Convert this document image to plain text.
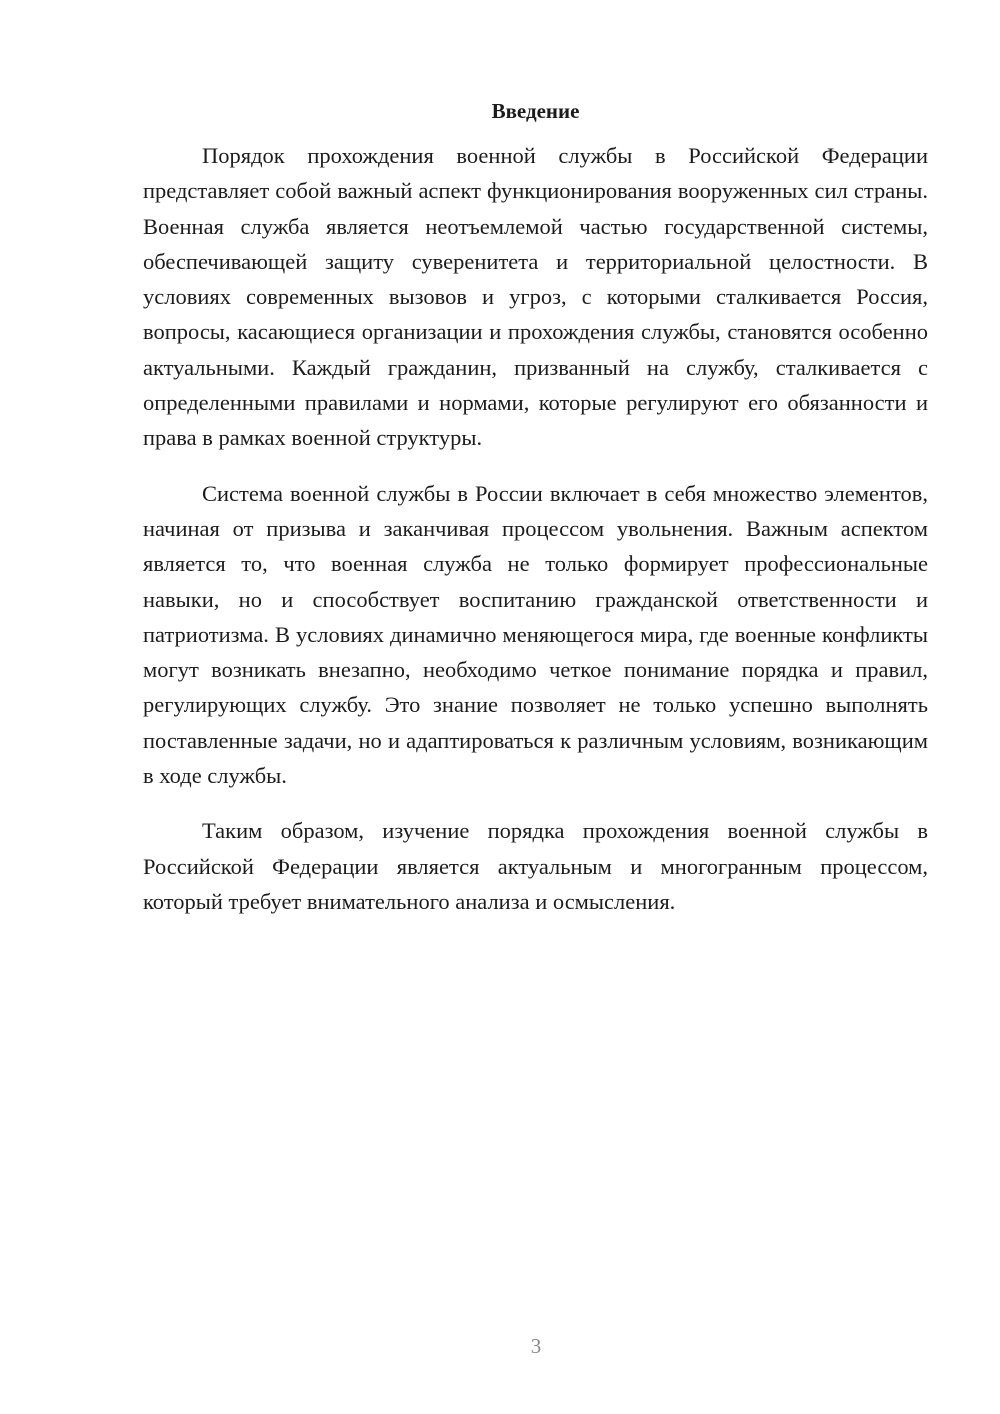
Введение

Порядок прохождения военной службы в Российской Федерации представляет собой важный аспект функционирования вооруженных сил страны. Военная служба является неотъемлемой частью государственной системы, обеспечивающей защиту суверенитета и территориальной целостности. В условиях современных вызовов и угроз, с которыми сталкивается Россия, вопросы, касающиеся организации и прохождения службы, становятся особенно актуальными. Каждый гражданин, призванный на службу, сталкивается с определенными правилами и нормами, которые регулируют его обязанности и права в рамках военной структуры.

Система военной службы в России включает в себя множество элементов, начиная от призыва и заканчивая процессом увольнения. Важным аспектом является то, что военная служба не только формирует профессиональные навыки, но и способствует воспитанию гражданской ответственности и патриотизма. В условиях динамично меняющегося мира, где военные конфликты могут возникать внезапно, необходимо четкое понимание порядка и правил, регулирующих службу. Это знание позволяет не только успешно выполнять поставленные задачи, но и адаптироваться к различным условиям, возникающим в ходе службы.

Таким образом, изучение порядка прохождения военной службы в Российской Федерации является актуальным и многогранным процессом, который требует внимательного анализа и осмысления.

3
